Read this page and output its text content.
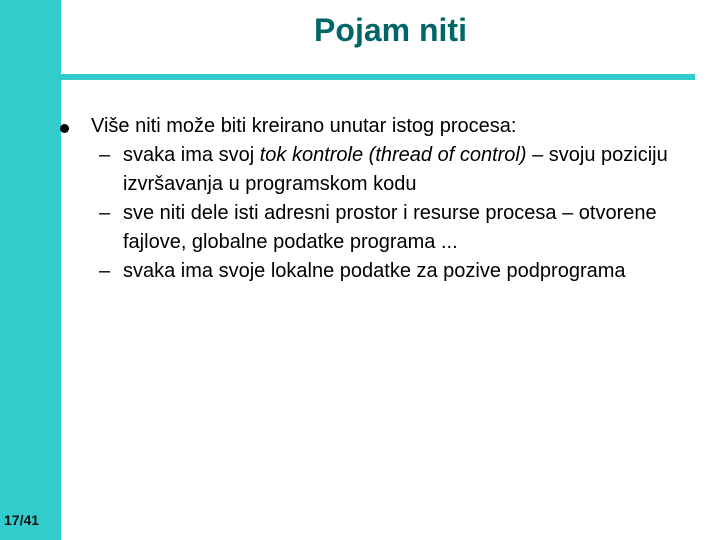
17/41
Pojam niti
Više niti može biti kreirano unutar istog procesa:
– svaka ima svoj tok kontrole (thread of control) – svoju poziciju izvršavanja u programskom kodu
– sve niti dele isti adresni prostor i resurse procesa – otvorene fajlove, globalne podatke programa ...
– svaka ima svoje lokalne podatke za pozive podprograma
